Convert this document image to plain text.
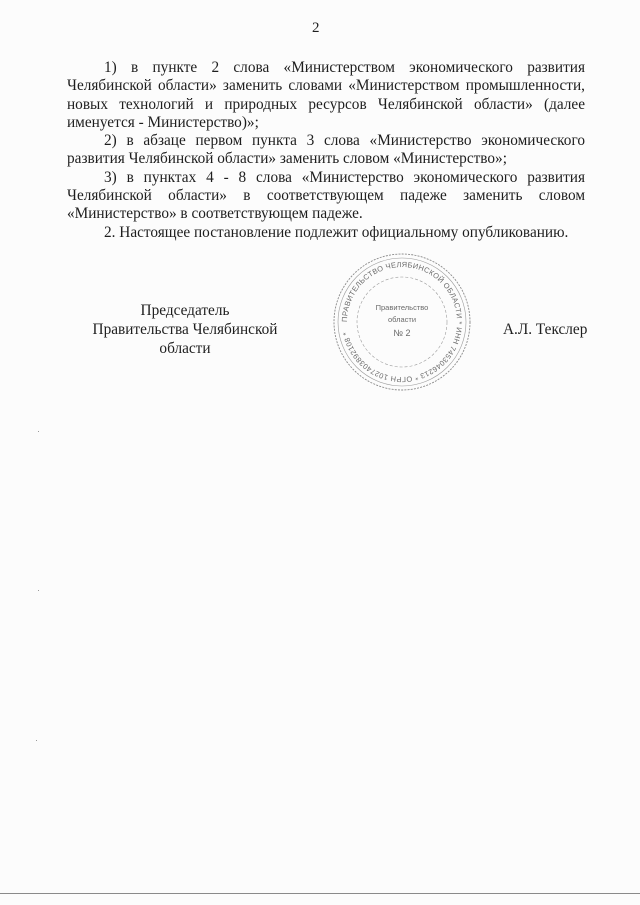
2

1) в пункте 2 слова «Министерством экономического развития Челябинской области» заменить словами «Министерством промышленности, новых технологий и природных ресурсов Челябинской области» (далее именуется - Министерство)»;

2) в абзаце первом пункта 3 слова «Министерство экономического развития Челябинской области» заменить словом «Министерство»;

3) в пунктах 4 - 8 слова «Министерство экономического развития Челябинской области» в соответствующем падеже заменить словом «Министерство» в соответствующем падеже.

2. Настоящее постановление подлежит официальному опубликованию.

Председатель
Правительства Челябинской области
ПРАВИТЕЛЬСТВО ЧЕЛЯБИНСКОЙ ОБЛАСТИ * ИНН 7453046213 * ОГРН 1027403892108 *
Правительство
области
№ 2	А.Л. Текслер
